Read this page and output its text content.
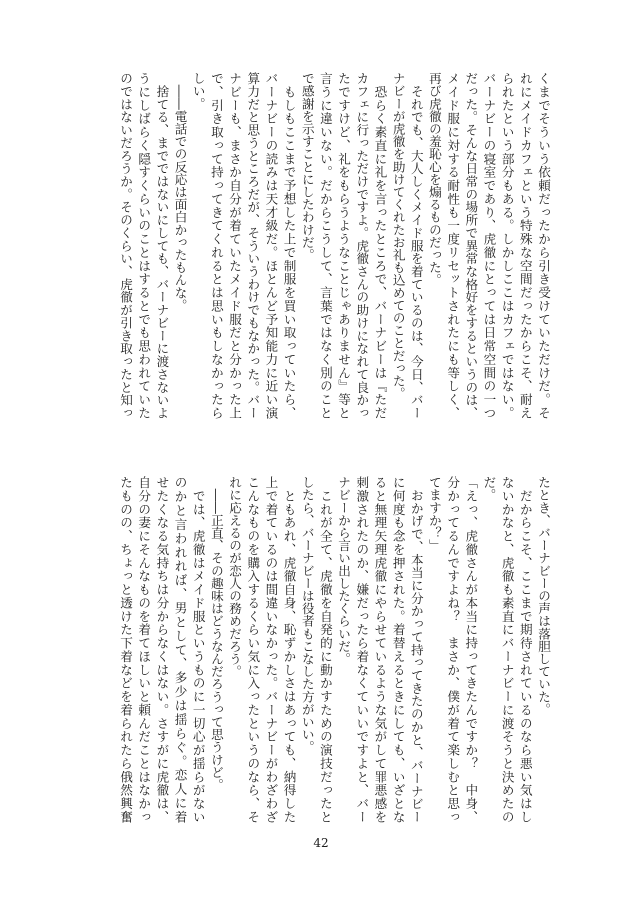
くまでそういう依頼だったから引き受けていただけだ。そ

れにメイドカフェという特殊な空間だったからこそ、耐え

られたという部分もある。しかしここはカフェではない。

バーナビーの寝室であり、虎徹にとっては日常空間の一つ

だった。そんな日常の場所で異常な格好をするというのは、

メイド服に対する耐性も一度リセットされたにも等しく、

再び虎徹の羞恥心を煽るものだった。

　それでも、大人しくメイド服を着ているのは、今日、バー

ナビーが虎徹を助けてくれたお礼も込めてのことだった。

　恐らく素直に礼を言ったところで、バーナビーは『ただ

カフェに行っただけですよ。虎徹さんの助けになれて良かっ

たですけど、礼をもらうようなことじゃありません』等と

言うに違いない。だからこうして、言葉ではなく別のこと

で感謝を示すことにしたわけだ。

　もしもここまで予想した上で制服を買い取っていたら、

バーナビーの読みは天才級だ。ほとんど予知能力に近い演

算力だと思うところだが、そういうわけでもなかった。バー

ナビーも、まさか自分が着ていたメイド服だと分かった上

で、引き取って持ってきてくれるとは思いもしなかったら

しい。

　――電話での反応は面白かったもんな。

　捨てる、までではないにしても、バーナビーに渡さないよ

うにしばらく隠すくらいのことはするとでも思われていた

のではないだろうか。そのくらい、虎徹が引き取ったと知っ

たとき、バーナビーの声は落胆していた。

　だからこそ、ここまで期待されているのなら悪い気はし

ないかなと、虎徹も素直にバーナビーに渡そうと決めたの

だ。

「えっ、虎徹さんが本当に持ってきたんですか？　中身、

分かってるんですよね？　まさか、僕が着て楽しむと思っ

てますか？」

　おかげで、本当に分かって持ってきたのかと、バーナビー

に何度も念を押された。着替えるときにしても、いざとな

ると無理矢理虎徹にやらせているような気がして罪悪感を

刺激されたのか、嫌だったら着なくていいですよと、バー

ナビーから言い出したくらいだ。

　これが全て、虎徹を自発的に動かすための演技だったと

したら、バーナビーは役者もこなした方がいい。

　ともあれ、虎徹自身、恥ずかしさはあっても、納得した

上で着ているのは間違いなかった。バーナビーがわざわざ

こんなものを購入するくらい気に入ったというのなら、そ

れに応えるのが恋人の務めだろう。

　――正直、その趣味はどうなんだろうって思うけど。

　では、虎徹はメイド服というものに一切心が揺らがない

のかと言われれば、男として、多少は揺らぐ。恋人に着

せたくなる気持ちは分からなくはない。さすがに虎徹は、

自分の妻にそんなものを着てほしいと頼んだことはなかっ

たものの、ちょっと透けた下着などを着られたら俄然興奮

42
